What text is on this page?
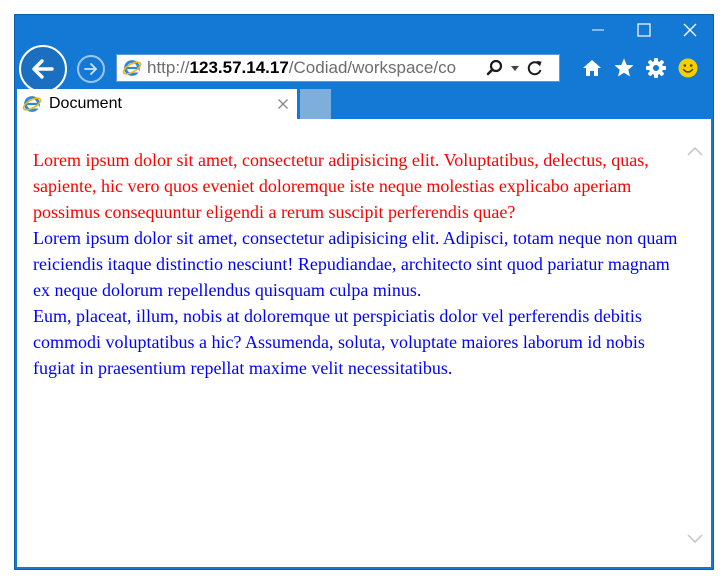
http://123.57.14.17/Codiad/workspace/co
Document

Lorem ipsum dolor sit amet, consectetur adipisicing elit. Voluptatibus, delectus, quas, sapiente, hic vero quos eveniet doloremque iste neque molestias explicabo aperiam possimus consequuntur eligendi a rerum suscipit perferendis quae?

Lorem ipsum dolor sit amet, consectetur adipisicing elit. Adipisci, totam neque non quam reiciendis itaque distinctio nesciunt! Repudiandae, architecto sint quod pariatur magnam ex neque dolorum repellendus quisquam culpa minus.

Eum, placeat, illum, nobis at doloremque ut perspiciatis dolor vel perferendis debitis commodi voluptatibus a hic? Assumenda, soluta, voluptate maiores laborum id nobis fugiat in praesentium repellat maxime velit necessitatibus.
